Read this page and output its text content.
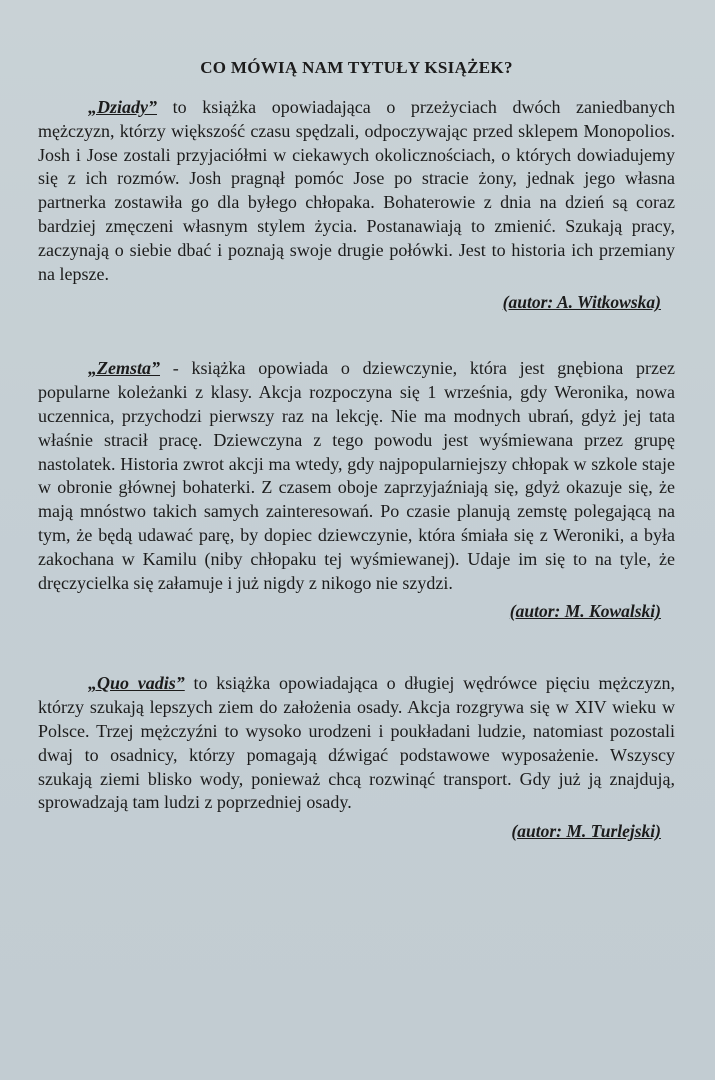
CO MÓWIĄ NAM TYTUŁY KSIĄŻEK?

„Dziady” to książka opowiadająca o przeżyciach dwóch zaniedbanych mężczyzn, którzy większość czasu spędzali, odpoczywając przed sklepem Monopolios. Josh i Jose zostali przyjaciółmi w ciekawych okolicznościach, o których dowiadujemy się z ich rozmów. Josh pragnął pomóc Jose po stracie żony, jednak jego własna partnerka zostawiła go dla byłego chłopaka. Bohaterowie z dnia na dzień są coraz bardziej zmęczeni własnym stylem życia. Postanawiają to zmienić. Szukają pracy, zaczynają o siebie dbać i poznają swoje drugie połówki. Jest to historia ich przemiany na lepsze.

(autor: A. Witkowska)

„Zemsta” - książka opowiada o dziewczynie, która jest gnębiona przez popularne koleżanki z klasy. Akcja rozpoczyna się 1 września, gdy Weronika, nowa uczennica, przychodzi pierwszy raz na lekcję. Nie ma modnych ubrań, gdyż jej tata właśnie stracił pracę. Dziewczyna z tego powodu jest wyśmiewana przez grupę nastolatek. Historia zwrot akcji ma wtedy, gdy najpopularniejszy chłopak w szkole staje w obronie głównej bohaterki. Z czasem oboje zaprzyjaźniają się, gdyż okazuje się, że mają mnóstwo takich samych zainteresowań. Po czasie planują zemstę polegającą na tym, że będą udawać parę, by dopiec dziewczynie, która śmiała się z Weroniki, a była zakochana w Kamilu (niby chłopaku tej wyśmiewanej). Udaje im się to na tyle, że dręczycielka się załamuje i już nigdy z nikogo nie szydzi.

(autor: M. Kowalski)

„Quo vadis” to książka opowiadająca o długiej wędrówce pięciu mężczyzn, którzy szukają lepszych ziem do założenia osady. Akcja rozgrywa się w XIV wieku w Polsce. Trzej mężczyźni to wysoko urodzeni i poukładani ludzie, natomiast pozostali dwaj to osadnicy, którzy pomagają dźwigać podstawowe wyposażenie. Wszyscy szukają ziemi blisko wody, ponieważ chcą rozwinąć transport. Gdy już ją znajdują, sprowadzają tam ludzi z poprzedniej osady.

(autor: M. Turlejski)
